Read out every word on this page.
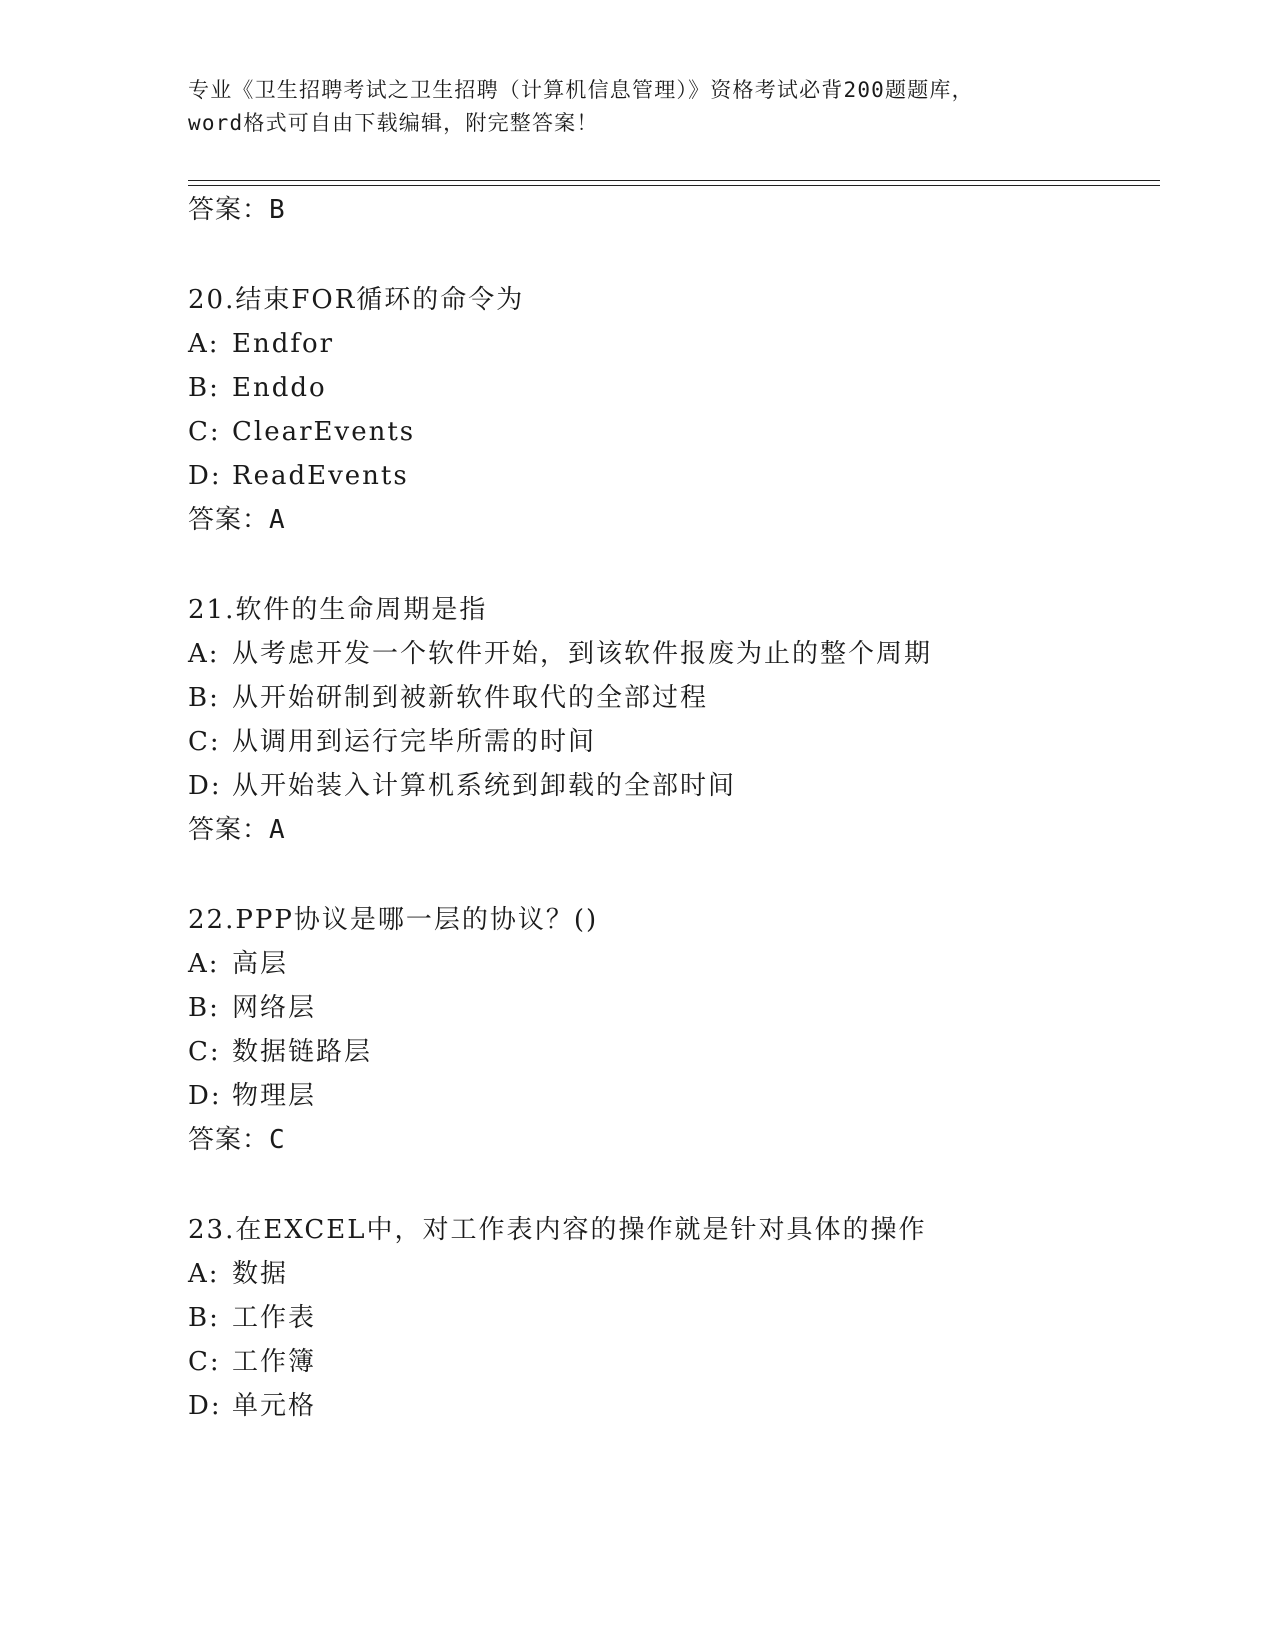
专业《卫生招聘考试之卫生招聘（计算机信息管理）》资格考试必背200题题库，
word格式可自由下载编辑，附完整答案！
答案：B
20.结束FOR循环的命令为
A: Endfor
B: Enddo
C: ClearEvents
D: ReadEvents
答案：A
21.软件的生命周期是指
A: 从考虑开发一个软件开始，到该软件报废为止的整个周期
B: 从开始研制到被新软件取代的全部过程
C: 从调用到运行完毕所需的时间
D: 从开始装入计算机系统到卸载的全部时间
答案：A
22.PPP协议是哪一层的协议？()
A: 高层
B: 网络层
C: 数据链路层
D: 物理层
答案：C
23.在EXCEL中，对工作表内容的操作就是针对具体的操作
A: 数据
B: 工作表
C: 工作簿
D: 单元格
